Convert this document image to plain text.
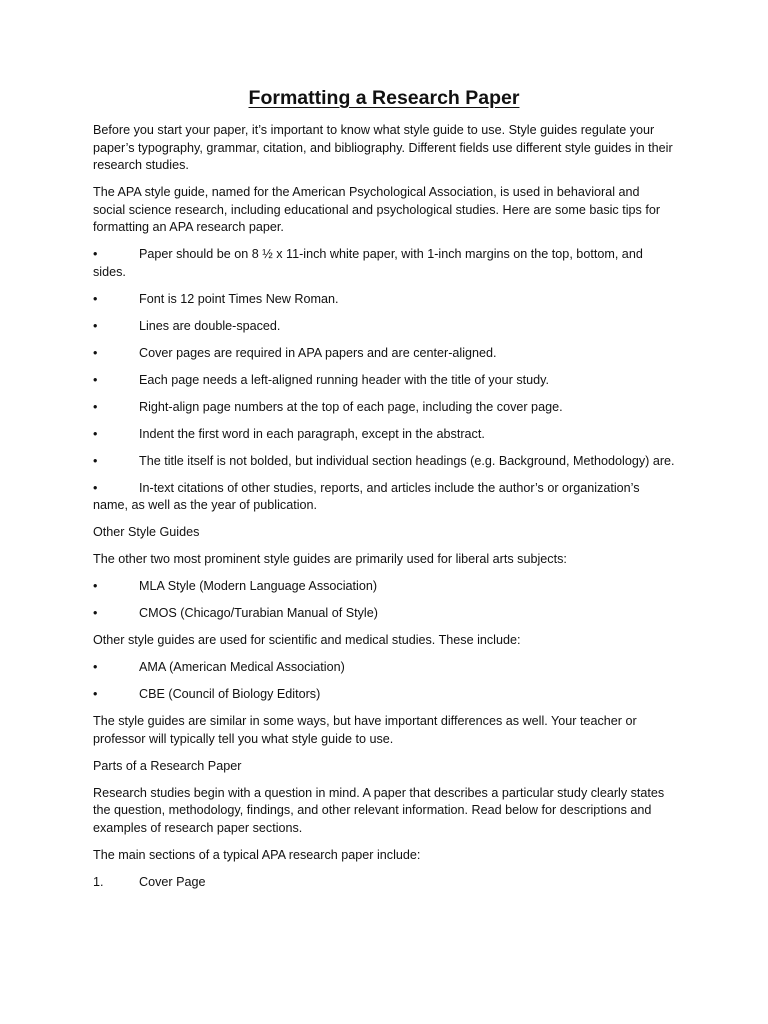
Formatting a Research Paper

Before you start your paper, it’s important to know what style guide to use. Style guides regulate your paper’s typography, grammar, citation, and bibliography. Different fields use different style guides in their research studies.

The APA style guide, named for the American Psychological Association, is used in behavioral and social science research, including educational and psychological studies. Here are some basic tips for formatting an APA research paper.

•	Paper should be on 8 ½ x 11-inch white paper, with 1-inch margins on the top, bottom, and sides.
•	Font is 12 point Times New Roman.
•	Lines are double-spaced.
•	Cover pages are required in APA papers and are center-aligned.
•	Each page needs a left-aligned running header with the title of your study.
•	Right-align page numbers at the top of each page, including the cover page.
•	Indent the first word in each paragraph, except in the abstract.
•	The title itself is not bolded, but individual section headings (e.g. Background, Methodology) are.
•	In-text citations of other studies, reports, and articles include the author’s or organization’s name, as well as the year of publication.

Other Style Guides

The other two most prominent style guides are primarily used for liberal arts subjects:

•	MLA Style (Modern Language Association)
•	CMOS (Chicago/Turabian Manual of Style)

Other style guides are used for scientific and medical studies. These include:

•	AMA (American Medical Association)
•	CBE (Council of Biology Editors)

The style guides are similar in some ways, but have important differences as well. Your teacher or professor will typically tell you what style guide to use.

Parts of a Research Paper

Research studies begin with a question in mind. A paper that describes a particular study clearly states the question, methodology, findings, and other relevant information. Read below for descriptions and examples of research paper sections.

The main sections of a typical APA research paper include:

1.	Cover Page
